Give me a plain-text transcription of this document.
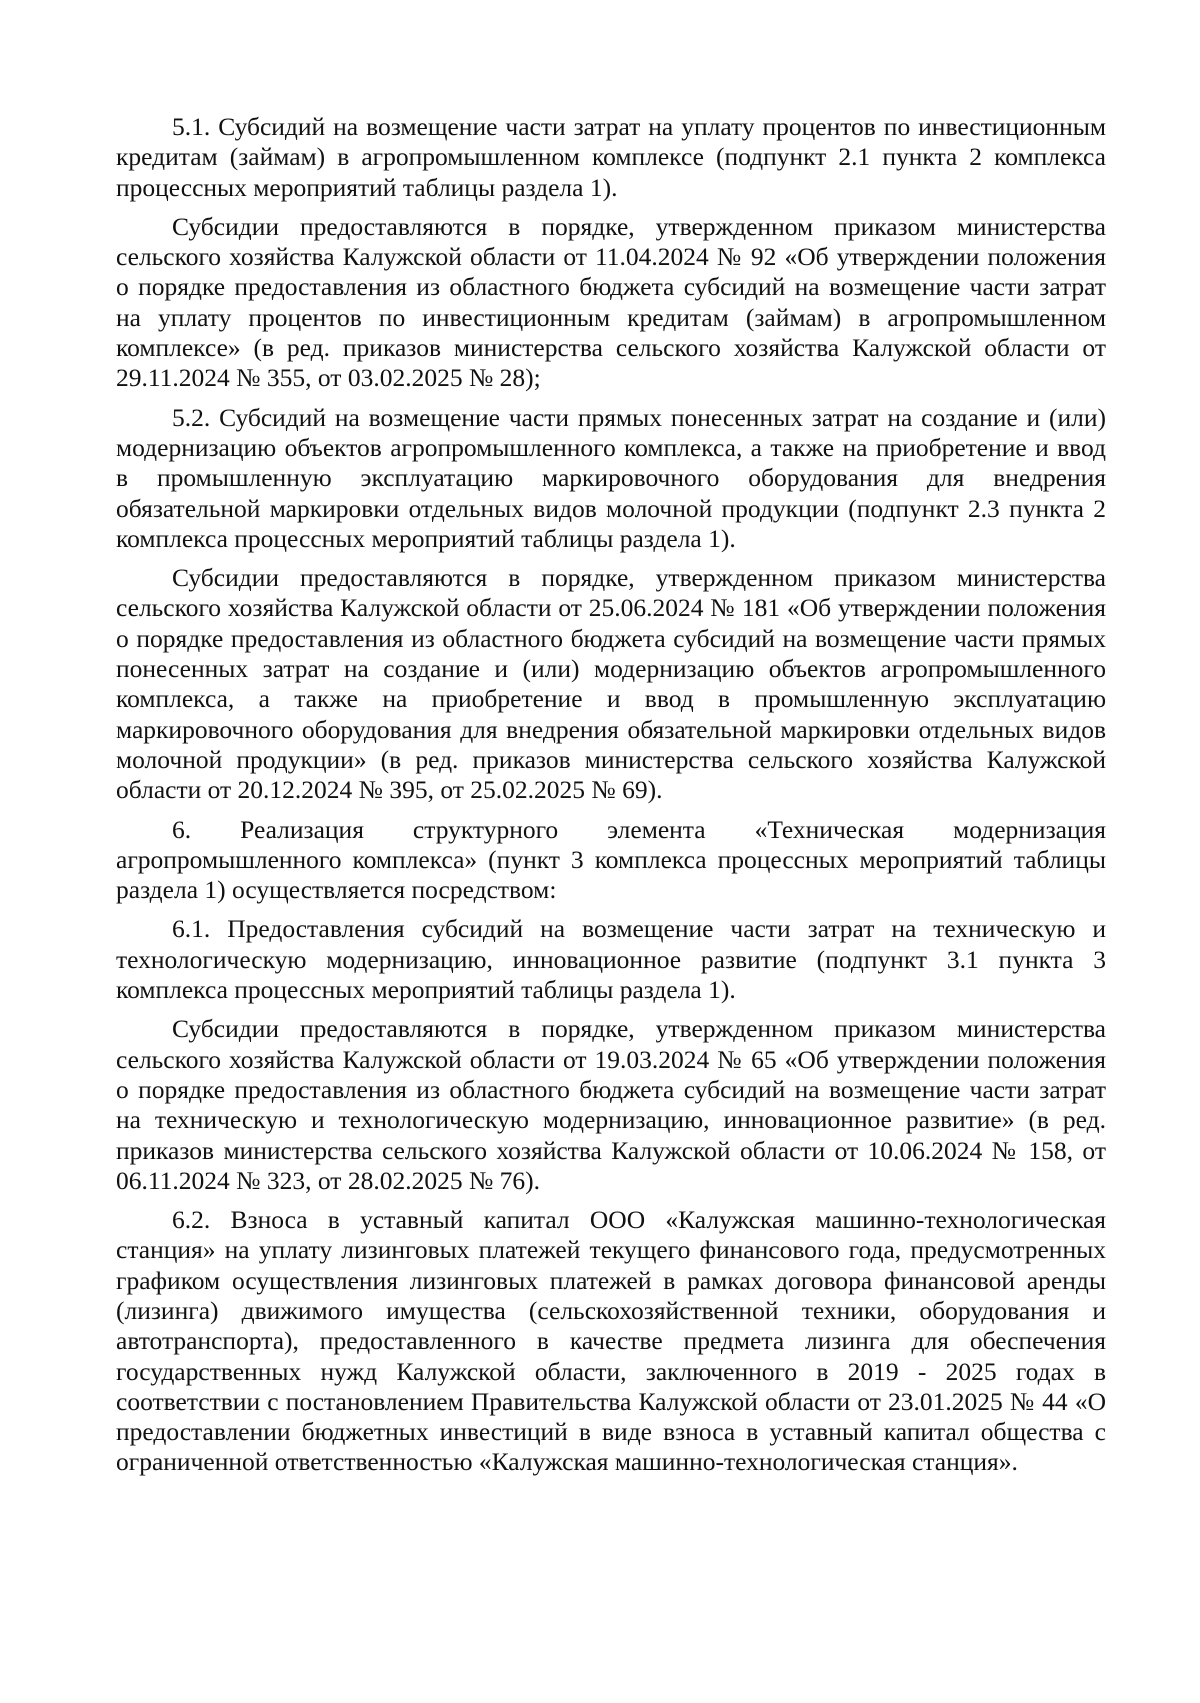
5.1. Субсидий на возмещение части затрат на уплату процентов по инвестиционным кредитам (займам) в агропромышленном комплексе (подпункт 2.1 пункта 2 комплекса процессных мероприятий таблицы раздела 1).

Субсидии предоставляются в порядке, утвержденном приказом министерства сельского хозяйства Калужской области от 11.04.2024 № 92 «Об утверждении положения о порядке предоставления из областного бюджета субсидий на возмещение части затрат на уплату процентов по инвестиционным кредитам (займам) в агропромышленном комплексе» (в ред. приказов министерства сельского хозяйства Калужской области от 29.11.2024 № 355, от 03.02.2025 № 28);

5.2. Субсидий на возмещение части прямых понесенных затрат на создание и (или) модернизацию объектов агропромышленного комплекса, а также на приобретение и ввод в промышленную эксплуатацию маркировочного оборудования для внедрения обязательной маркировки отдельных видов молочной продукции (подпункт 2.3 пункта 2 комплекса процессных мероприятий таблицы раздела 1).

Субсидии предоставляются в порядке, утвержденном приказом министерства сельского хозяйства Калужской области от 25.06.2024 № 181 «Об утверждении положения о порядке предоставления из областного бюджета субсидий на возмещение части прямых понесенных затрат на создание и (или) модернизацию объектов агропромышленного комплекса, а также на приобретение и ввод в промышленную эксплуатацию маркировочного оборудования для внедрения обязательной маркировки отдельных видов молочной продукции» (в ред. приказов министерства сельского хозяйства Калужской области от 20.12.2024 № 395, от 25.02.2025 № 69).

6. Реализация структурного элемента «Техническая модернизация агропромышленного комплекса» (пункт 3 комплекса процессных мероприятий таблицы раздела 1) осуществляется посредством:

6.1. Предоставления субсидий на возмещение части затрат на техническую и технологическую модернизацию, инновационное развитие (подпункт 3.1 пункта 3 комплекса процессных мероприятий таблицы раздела 1).

Субсидии предоставляются в порядке, утвержденном приказом министерства сельского хозяйства Калужской области от 19.03.2024 № 65 «Об утверждении положения о порядке предоставления из областного бюджета субсидий на возмещение части затрат на техническую и технологическую модернизацию, инновационное развитие» (в ред. приказов министерства сельского хозяйства Калужской области от 10.06.2024 № 158, от 06.11.2024 № 323, от 28.02.2025 № 76).

6.2. Взноса в уставный капитал ООО «Калужская машинно-технологическая станция» на уплату лизинговых платежей текущего финансового года, предусмотренных графиком осуществления лизинговых платежей в рамках договора финансовой аренды (лизинга) движимого имущества (сельскохозяйственной техники, оборудования и автотранспорта), предоставленного в качестве предмета лизинга для обеспечения государственных нужд Калужской области, заключенного в 2019 - 2025 годах в соответствии с постановлением Правительства Калужской области от 23.01.2025 № 44 «О предоставлении бюджетных инвестиций в виде взноса в уставный капитал общества с ограниченной ответственностью «Калужская машинно-технологическая станция».
